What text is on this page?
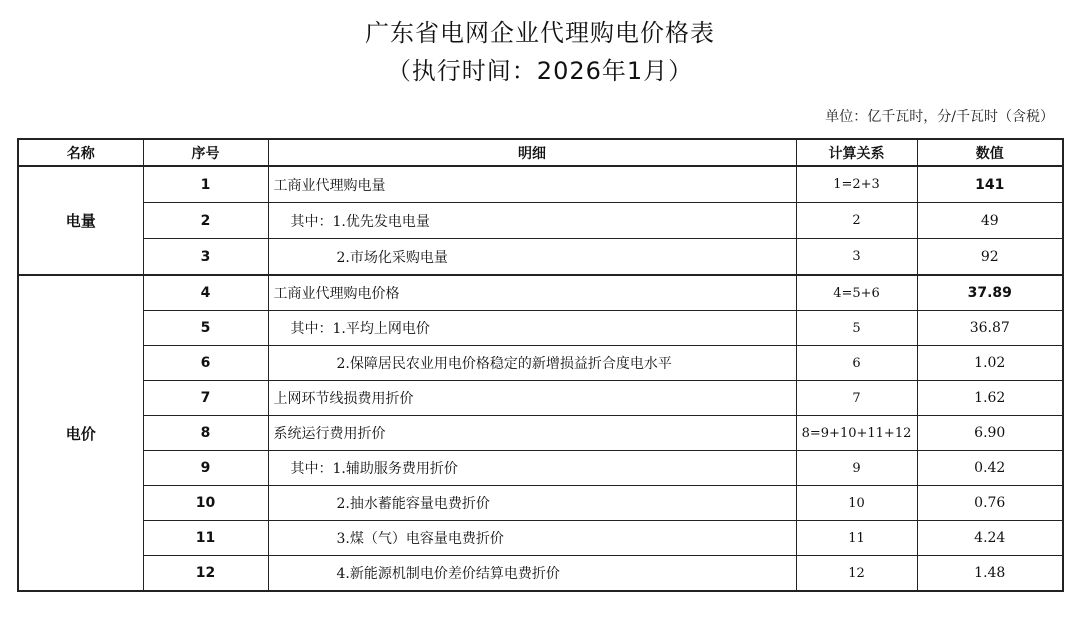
广东省电网企业代理购电价格表
（执行时间：2026年1月）
单位：亿千瓦时，分/千瓦时（含税）
名称	序号	明细	计算关系	数值
电量	1	工商业代理购电量	1=2+3	141
	2	其中：1.优先发电电量	2	49
	3	2.市场化采购电量	3	92
电价	4	工商业代理购电价格	4=5+6	37.89
	5	其中：1.平均上网电价	5	36.87
	6	2.保障居民农业用电价格稳定的新增损益折合度电水平	6	1.02
	7	上网环节线损费用折价	7	1.62
	8	系统运行费用折价	8=9+10+11+12	6.90
	9	其中：1.辅助服务费用折价	9	0.42
	10	2.抽水蓄能容量电费折价	10	0.76
	11	3.煤（气）电容量电费折价	11	4.24
	12	4.新能源机制电价差价结算电费折价	12	1.48
